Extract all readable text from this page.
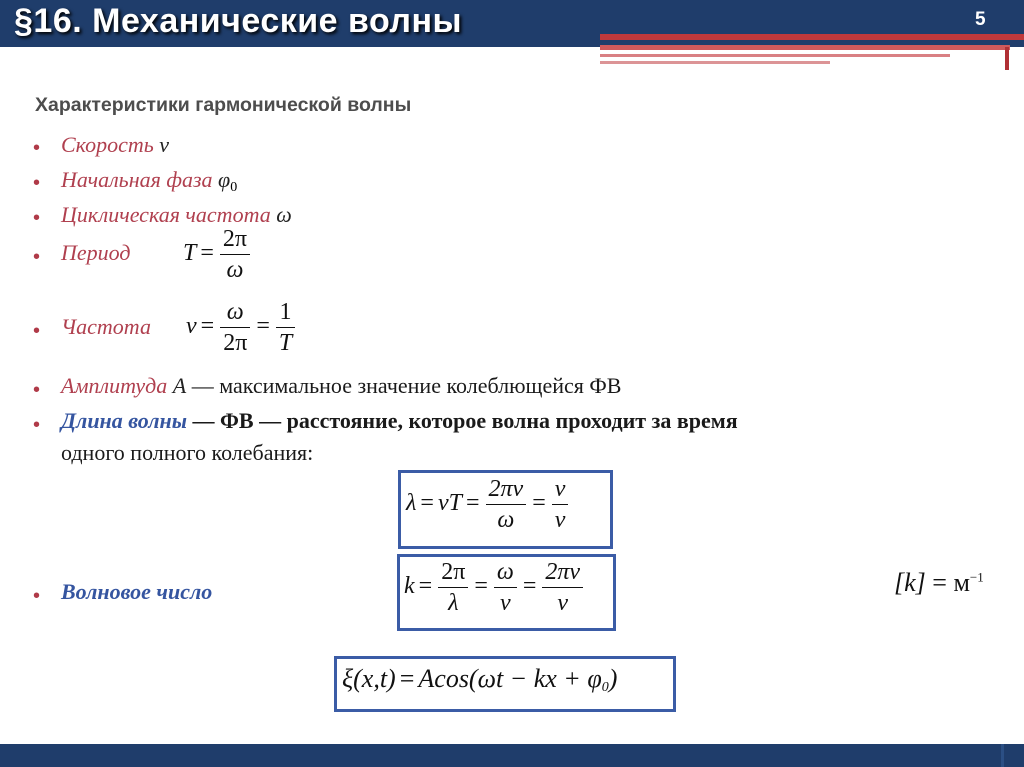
§16. Механические волны	5
Характеристики гармонической волны
• Скорость v
• Начальная фаза $\varphi_0$
• Циклическая частота ω
• Период $T = \frac{2\pi}{\omega}$
• Частота $\nu = \frac{\omega}{2\pi} = \frac{1}{T}$
• Амплитуда A — максимальное значение колеблющейся ФВ
• Длина волны — ФВ — расстояние, которое волна проходит за время
одного полного колебания:
λ = vT = $\frac{2\pi v}{\omega} = \frac{v}{\nu}$
• Волновое число	$k = \frac{2\pi}{\lambda} = \frac{\omega}{v} = \frac{2\pi\nu}{v}$	$[k] = м^{-1}$
ξ(x,t) = Acos(ωt − kx + $\varphi_0$)
